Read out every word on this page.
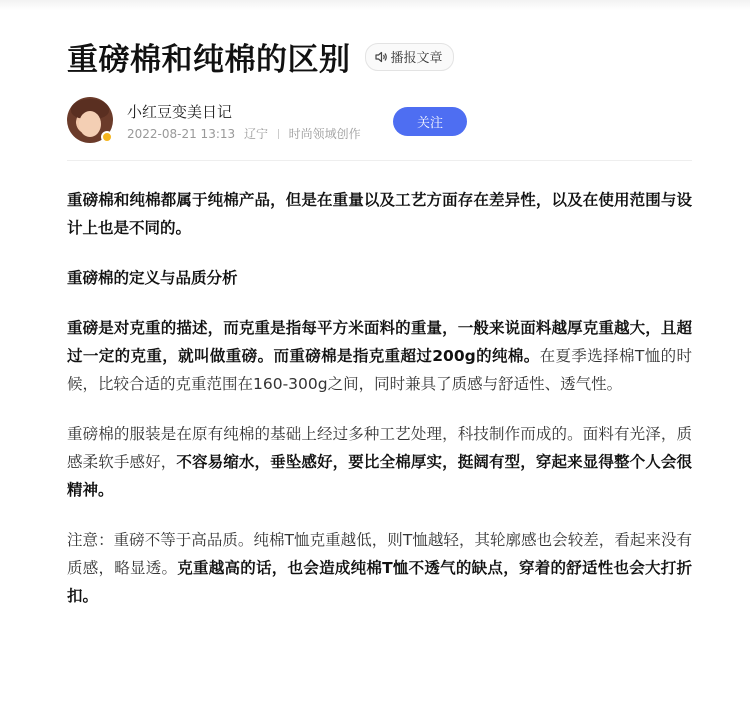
重磅棉和纯棉的区别	播报文章
小红豆变美日记
2022-08-21 13:13 辽宁 时尚领域创作
关注

重磅棉和纯棉都属于纯棉产品，但是在重量以及工艺方面存在差异性，以及在使用范围与设计上也是不同的。

重磅棉的定义与品质分析

重磅是对克重的描述，而克重是指每平方米面料的重量，一般来说面料越厚克重越大，且超过一定的克重，就叫做重磅。而重磅棉是指克重超过200g的纯棉。在夏季选择棉T恤的时候，比较合适的克重范围在160-300g之间，同时兼具了质感与舒适性、透气性。

重磅棉的服装是在原有纯棉的基础上经过多种工艺处理，科技制作而成的。面料有光泽，质感柔软手感好，不容易缩水，垂坠感好，要比全棉厚实，挺阔有型，穿起来显得整个人会很精神。

注意：重磅不等于高品质。纯棉T恤克重越低，则T恤越轻，其轮廓感也会较差，看起来没有质感，略显透。克重越高的话，也会造成纯棉T恤不透气的缺点，穿着的舒适性也会大打折扣。
